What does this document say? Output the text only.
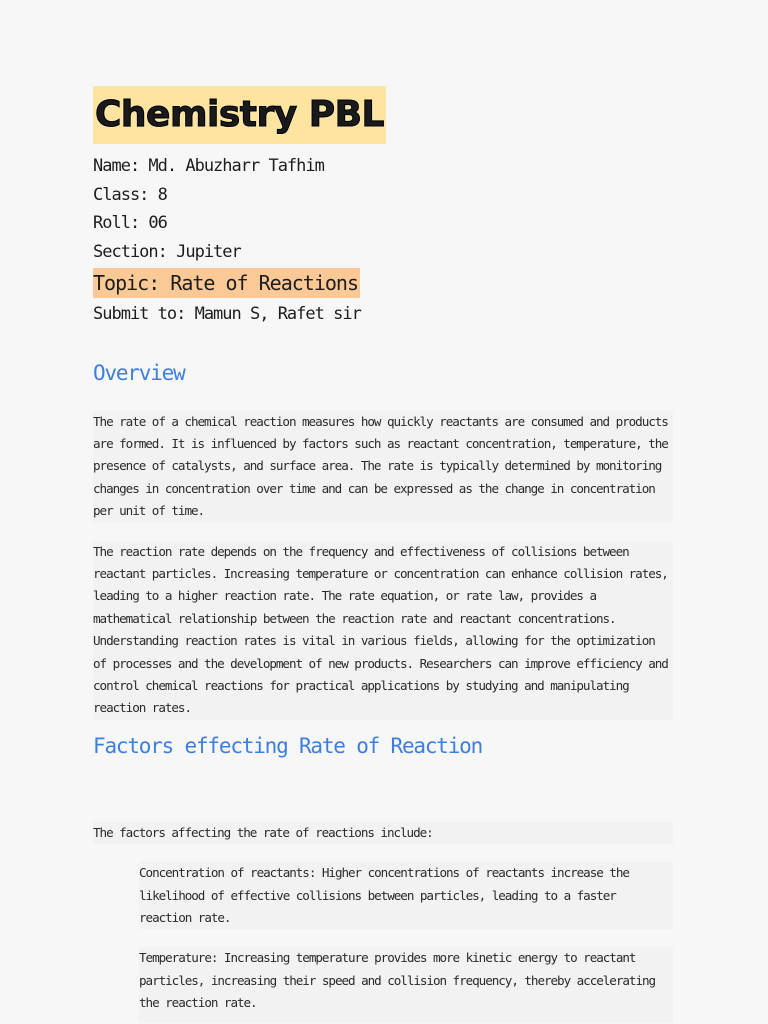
Chemistry PBL
Name: Md. Abuzharr Tafhim
Class: 8
Roll: 06
Section: Jupiter
Topic: Rate of Reactions
Submit to: Mamun S, Rafet sir
Overview
The rate of a chemical reaction measures how quickly reactants are consumed and products are formed. It is influenced by factors such as reactant concentration, temperature, the presence of catalysts, and surface area. The rate is typically determined by monitoring changes in concentration over time and can be expressed as the change in concentration per unit of time.
The reaction rate depends on the frequency and effectiveness of collisions between reactant particles. Increasing temperature or concentration can enhance collision rates, leading to a higher reaction rate. The rate equation, or rate law, provides a mathematical relationship between the reaction rate and reactant concentrations. Understanding reaction rates is vital in various fields, allowing for the optimization of processes and the development of new products. Researchers can improve efficiency and control chemical reactions for practical applications by studying and manipulating reaction rates.
Factors effecting Rate of Reaction
The factors affecting the rate of reactions include:
Concentration of reactants: Higher concentrations of reactants increase the likelihood of effective collisions between particles, leading to a faster reaction rate.
Temperature: Increasing temperature provides more kinetic energy to reactant particles, increasing their speed and collision frequency, thereby accelerating the reaction rate.
